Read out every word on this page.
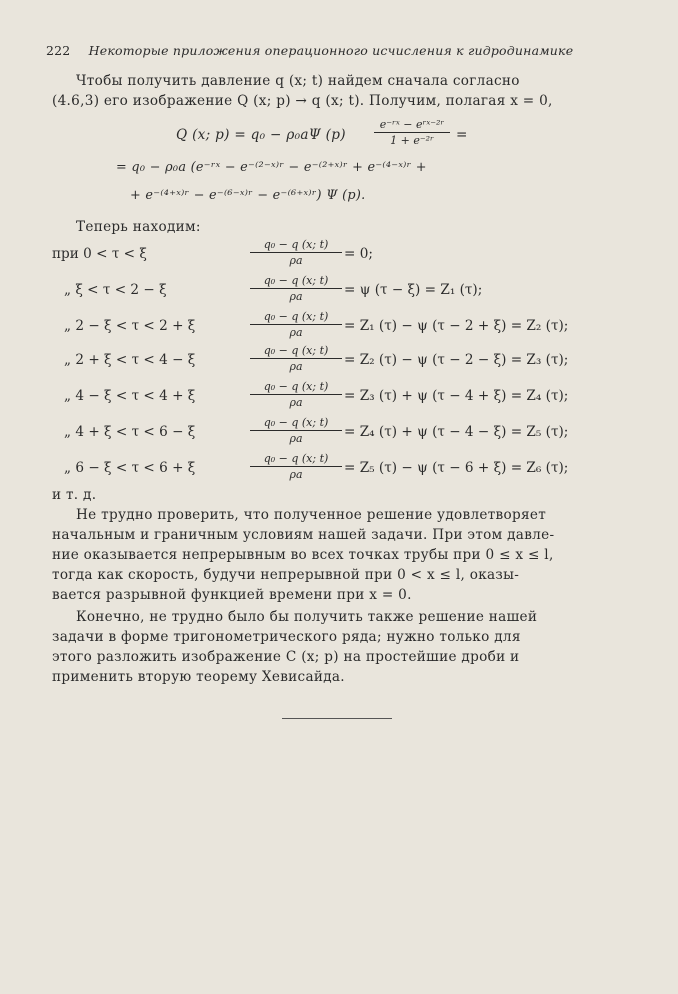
222 Некоторые приложения операционного исчисления к гидродинамике
Чтобы получить давление q (x; t) найдем сначала согласно
(4.6,3) его изображение Q (x; p) → q (x; t). Получим, полагая x = 0,
Q (x; p) = q₀ − ρ₀aΨ (p)
e⁻ʳˣ − eʳˣ⁻²ʳ
1 + e⁻²ʳ	=
= q₀ − ρ₀a (e⁻ʳˣ − e⁻⁽²⁻ˣ⁾ʳ − e⁻⁽²⁺ˣ⁾ʳ + e⁻⁽⁴⁻ˣ⁾ʳ +
+ e⁻⁽⁴⁺ˣ⁾ʳ − e⁻⁽⁶⁻ˣ⁾ʳ − e⁻⁽⁶⁺ˣ⁾ʳ) Ψ (p).
Теперь находим:
при 0 < τ < ξ
q₀ − q (x; t)
ρa	= 0;
„ ξ < τ < 2 − ξ
q₀ − q (x; t)
ρa	= ψ (τ − ξ) = Z₁ (τ);
„ 2 − ξ < τ < 2 + ξ
q₀ − q (x; t)
ρa	= Z₁ (τ) − ψ (τ − 2 + ξ) = Z₂ (τ);
„ 2 + ξ < τ < 4 − ξ
q₀ − q (x; t)
ρa	= Z₂ (τ) − ψ (τ − 2 − ξ) = Z₃ (τ);
„ 4 − ξ < τ < 4 + ξ
q₀ − q (x; t)
ρa	= Z₃ (τ) + ψ (τ − 4 + ξ) = Z₄ (τ);
„ 4 + ξ < τ < 6 − ξ
q₀ − q (x; t)
ρa	= Z₄ (τ) + ψ (τ − 4 − ξ) = Z₅ (τ);
„ 6 − ξ < τ < 6 + ξ
q₀ − q (x; t)
ρa	= Z₅ (τ) − ψ (τ − 6 + ξ) = Z₆ (τ);
и т. д.
Не трудно проверить, что полученное решение удовлетворяет
начальным и граничным условиям нашей задачи. При этом давле-
ние оказывается непрерывным во всех точках трубы при 0 ≤ x ≤ l,
тогда как скорость, будучи непрерывной при 0 < x ≤ l, оказы-
вается разрывной функцией времени при x = 0.
Конечно, не трудно было бы получить также решение нашей
задачи в форме тригонометрического ряда; нужно только для
этого разложить изображение C (x; p) на простейшие дроби и
применить вторую теорему Хевисайда.
